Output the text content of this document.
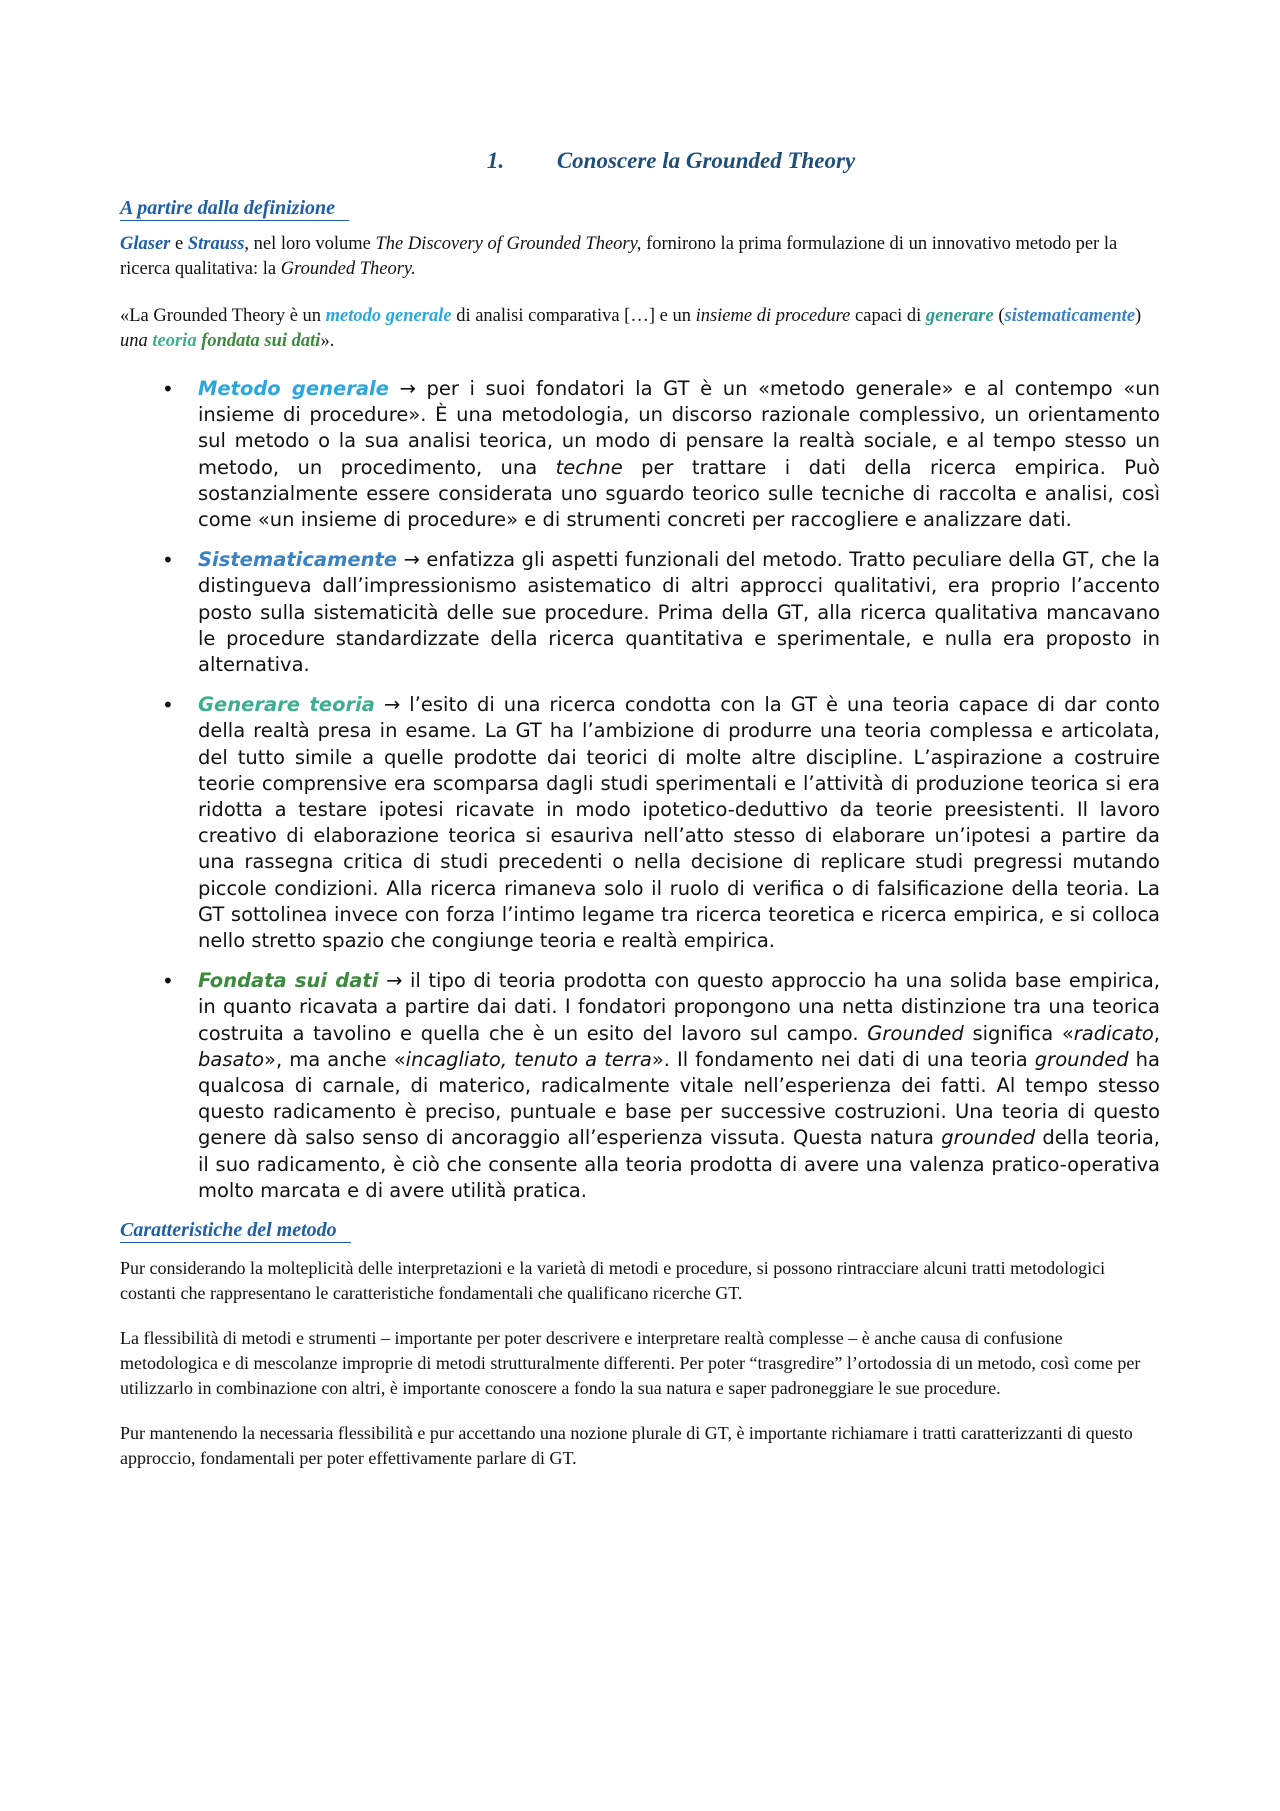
1. Conoscere la Grounded Theory
A partire dalla definizione

Glaser e Strauss, nel loro volume The Discovery of Grounded Theory, fornirono la prima formulazione di un innovativo metodo per la ricerca qualitativa: la Grounded Theory.

«La Grounded Theory è un metodo generale di analisi comparativa […] e un insieme di procedure capaci di generare (sistematicamente) una teoria fondata sui dati».

• Metodo generale → per i suoi fondatori la GT è un «metodo generale» e al contempo «un insieme di procedure». È una metodologia, un discorso razionale complessivo, un orientamento sul metodo o la sua analisi teorica, un modo di pensare la realtà sociale, e al tempo stesso un metodo, un procedimento, una techne per trattare i dati della ricerca empirica. Può sostanzialmente essere considerata uno sguardo teorico sulle tecniche di raccolta e analisi, così come «un insieme di procedure» e di strumenti concreti per raccogliere e analizzare dati.
• Sistematicamente → enfatizza gli aspetti funzionali del metodo. Tratto peculiare della GT, che la distingueva dall’impressionismo asistematico di altri approcci qualitativi, era proprio l’accento posto sulla sistematicità delle sue procedure. Prima della GT, alla ricerca qualitativa mancavano le procedure standardizzate della ricerca quantitativa e sperimentale, e nulla era proposto in alternativa.
• Generare teoria → l’esito di una ricerca condotta con la GT è una teoria capace di dar conto della realtà presa in esame. La GT ha l’ambizione di produrre una teoria complessa e articolata, del tutto simile a quelle prodotte dai teorici di molte altre discipline. L’aspirazione a costruire teorie comprensive era scomparsa dagli studi sperimentali e l’attività di produzione teorica si era ridotta a testare ipotesi ricavate in modo ipotetico-deduttivo da teorie preesistenti. Il lavoro creativo di elaborazione teorica si esauriva nell’atto stesso di elaborare un’ipotesi a partire da una rassegna critica di studi precedenti o nella decisione di replicare studi pregressi mutando piccole condizioni. Alla ricerca rimaneva solo il ruolo di verifica o di falsificazione della teoria. La GT sottolinea invece con forza l’intimo legame tra ricerca teoretica e ricerca empirica, e si colloca nello stretto spazio che congiunge teoria e realtà empirica.
• Fondata sui dati → il tipo di teoria prodotta con questo approccio ha una solida base empirica, in quanto ricavata a partire dai dati. I fondatori propongono una netta distinzione tra una teorica costruita a tavolino e quella che è un esito del lavoro sul campo. Grounded significa «radicato, basato», ma anche «incagliato, tenuto a terra». Il fondamento nei dati di una teoria grounded ha qualcosa di carnale, di materico, radicalmente vitale nell’esperienza dei fatti. Al tempo stesso questo radicamento è preciso, puntuale e base per successive costruzioni. Una teoria di questo genere dà salso senso di ancoraggio all’esperienza vissuta. Questa natura grounded della teoria, il suo radicamento, è ciò che consente alla teoria prodotta di avere una valenza pratico-operativa molto marcata e di avere utilità pratica.
Caratteristiche del metodo

Pur considerando la molteplicità delle interpretazioni e la varietà di metodi e procedure, si possono rintracciare alcuni tratti metodologici costanti che rappresentano le caratteristiche fondamentali che qualificano ricerche GT.

La flessibilità di metodi e strumenti – importante per poter descrivere e interpretare realtà complesse – è anche causa di confusione metodologica e di mescolanze improprie di metodi strutturalmente differenti. Per poter “trasgredire” l’ortodossia di un metodo, così come per utilizzarlo in combinazione con altri, è importante conoscere a fondo la sua natura e saper padroneggiare le sue procedure.

Pur mantenendo la necessaria flessibilità e pur accettando una nozione plurale di GT, è importante richiamare i tratti caratterizzanti di questo approccio, fondamentali per poter effettivamente parlare di GT.
